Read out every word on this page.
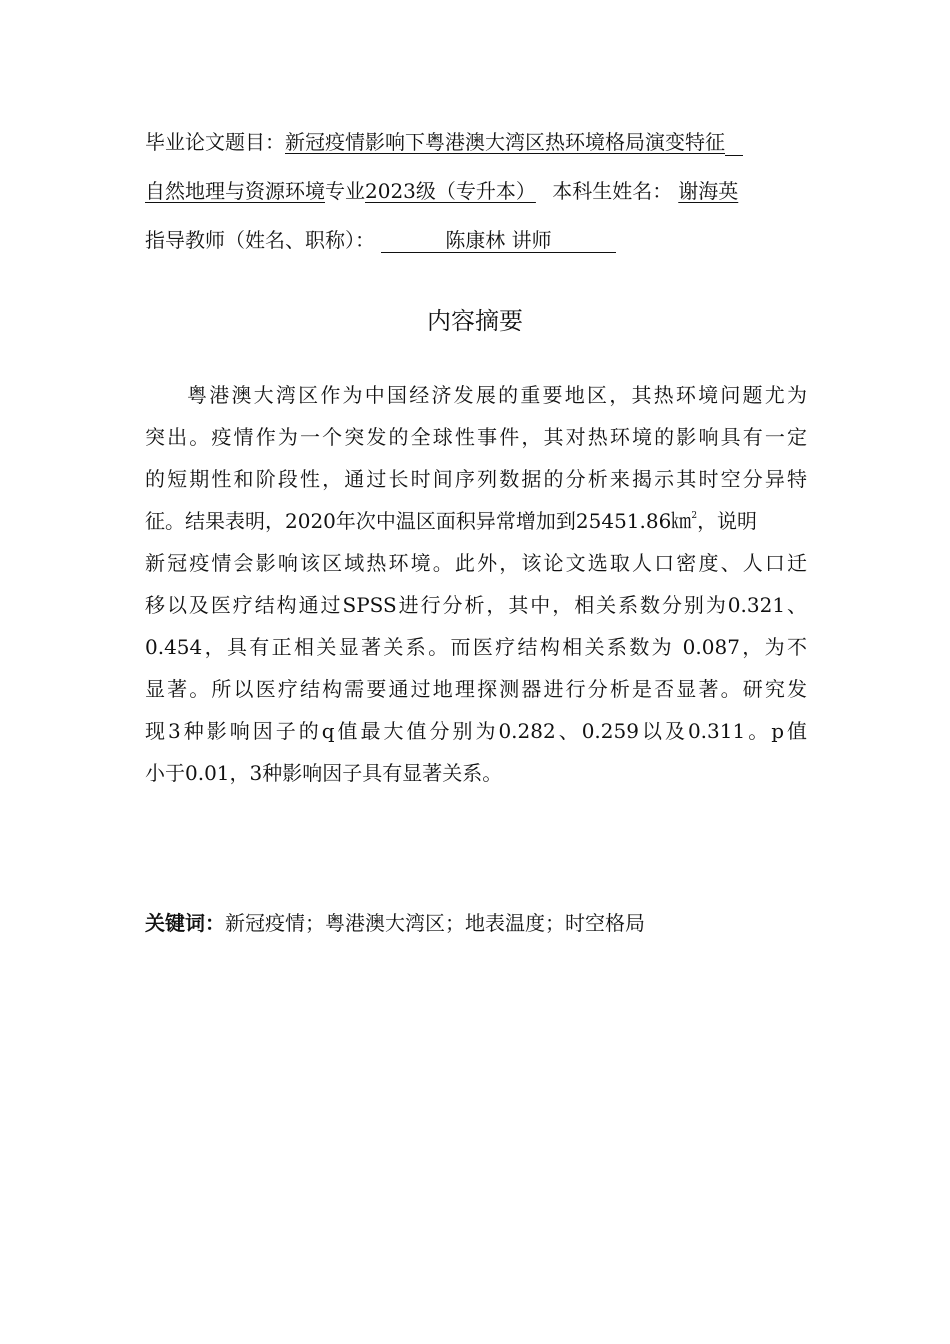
毕业论文题目：新冠疫情影响下粤港澳大湾区热环境格局演变特征
自然地理与资源环境专业2023级（专升本） 本科生姓名： 谢海英
指导教师（姓名、职称）：	陈康林 讲师
内容摘要
粤港澳大湾区作为中国经济发展的重要地区，其热环境问题尤为
突出。疫情作为一个突发的全球性事件，其对热环境的影响具有一定
的短期性和阶段性，通过长时间序列数据的分析来揭示其时空分异特
征。结果表明，2020年次中温区面积异常增加到25451.86㎞$^2$，说明
新冠疫情会影响该区域热环境。此外，该论文选取人口密度、人口迁
移以及医疗结构通过SPSS进行分析，其中，相关系数分别为0.321、
0.454，具有正相关显著关系。而医疗结构相关系数为 0.087，为不
显著。所以医疗结构需要通过地理探测器进行分析是否显著。研究发
现3种影响因子的q值最大值分别为0.282、0.259以及0.311。p值
小于0.01，3种影响因子具有显著关系。
关键词：新冠疫情；粤港澳大湾区；地表温度；时空格局
